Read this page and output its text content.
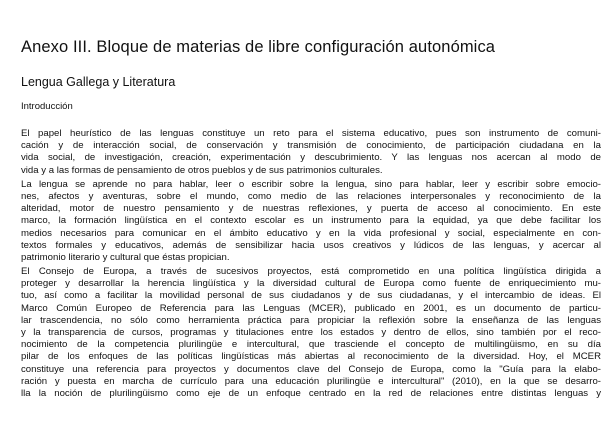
Anexo III. Bloque de materias de libre configuración autonómica
Lengua Gallega y Literatura
Introducción
El papel heurístico de las lenguas constituye un reto para el sistema educativo, pues son instrumento de comuni-
cación y de interacción social, de conservación y transmisión de conocimiento, de participación ciudadana en la
vida social, de investigación, creación, experimentación y descubrimiento. Y las lenguas nos acercan al modo de
vida y a las formas de pensamiento de otros pueblos y de sus patrimonios culturales.
La lengua se aprende no para hablar, leer o escribir sobre la lengua, sino para hablar, leer y escribir sobre emocio-
nes, afectos y aventuras, sobre el mundo, como medio de las relaciones interpersonales y reconocimiento de la
alteridad, motor de nuestro pensamiento y de nuestras reflexiones, y puerta de acceso al conocimiento. En este
marco, la formación lingüística en el contexto escolar es un instrumento para la equidad, ya que debe facilitar los
medios necesarios para comunicar en el ámbito educativo y en la vida profesional y social, especialmente en con-
textos formales y educativos, además de sensibilizar hacia usos creativos y lúdicos de las lenguas, y acercar al
patrimonio literario y cultural que éstas propician.
El Consejo de Europa, a través de sucesivos proyectos, está comprometido en una política lingüística dirigida a
proteger y desarrollar la herencia lingüística y la diversidad cultural de Europa como fuente de enriquecimiento mu-
tuo, así como a facilitar la movilidad personal de sus ciudadanos y de sus ciudadanas, y el intercambio de ideas. El
Marco Común Europeo de Referencia para las Lenguas (MCER), publicado en 2001, es un documento de particu-
lar trascendencia, no sólo como herramienta práctica para propiciar la reflexión sobre la enseñanza de las lenguas
y la transparencia de cursos, programas y titulaciones entre los estados y dentro de ellos, sino también por el reco-
nocimiento de la competencia plurilingüe e intercultural, que trasciende el concepto de multilingüismo, en su día
pilar de los enfoques de las políticas lingüísticas más abiertas al reconocimiento de la diversidad. Hoy, el MCER
constituye una referencia para proyectos y documentos clave del Consejo de Europa, como la "Guía para la elabo-
ración y puesta en marcha de currículo para una educación plurilingüe e intercultural" (2010), en la que se desarro-
lla la noción de plurilingüismo como eje de un enfoque centrado en la red de relaciones entre distintas lenguas y
